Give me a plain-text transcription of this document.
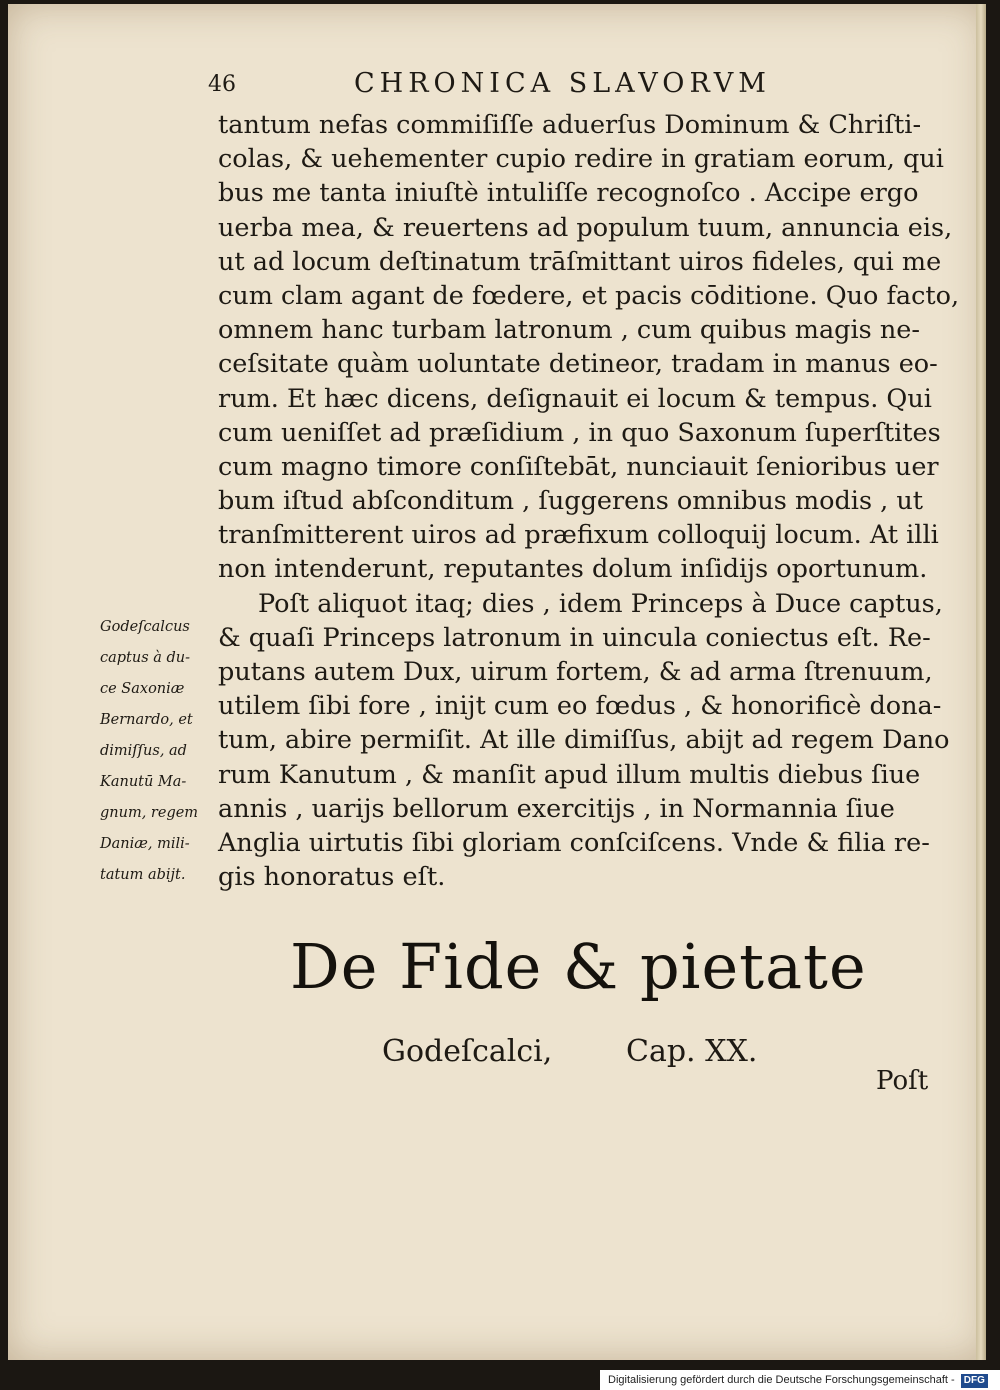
46	CHRONICA SLAVORVM
tantum nefas commiſiſſe aduerſus Dominum & Chriſti-
colas, & uehementer cupio redire in gratiam eorum, qui
bus me tanta iniuſtè intuliſſe recognoſco . Accipe ergo
uerba mea, & reuertens ad populum tuum, annuncia eis,
ut ad locum deſtinatum trāſmittant uiros fideles, qui me
cum clam agant de fœdere, et pacis cōditione. Quo facto,
omnem hanc turbam latronum , cum quibus magis ne-
ceſsitate quàm uoluntate detineor, tradam in manus eo-
rum. Et hæc dicens, deſignauit ei locum & tempus. Qui
cum ueniſſet ad præſidium , in quo Saxonum ſuperſtites
cum magno timore conſiſtebāt, nunciauit ſenioribus uer
bum iſtud abſconditum , ſuggerens omnibus modis , ut
tranſmitterent uiros ad præfixum colloquij locum. At illi
non intenderunt, reputantes dolum inſidijs oportunum.
Poſt aliquot itaq; dies , idem Princeps à Duce captus,
& quaſi Princeps latronum in uincula coniectus eſt. Re-
putans autem Dux, uirum fortem, & ad arma ſtrenuum,
utilem ſibi fore , inijt cum eo fœdus , & honorificè dona-
tum, abire permiſit. At ille dimiſſus, abijt ad regem Dano
rum Kanutum , & manſit apud illum multis diebus ſiue
annis , uarijs bellorum exercitijs , in Normannia ſiue
Anglia uirtutis ſibi gloriam conſciſcens. Vnde & filia re-
gis honoratus eſt.
Godeſcalcus
captus à du-
ce Saxoniæ
Bernardo, et
dimiſſus, ad
Kanutū Ma-
gnum, regem
Daniæ, mili-
tatum abijt.
De Fide & pietate
Godeſcalci, Cap. XX.
Poſt
Digitalisierung gefördert durch die Deutsche Forschungsgemeinschaft - DFG
